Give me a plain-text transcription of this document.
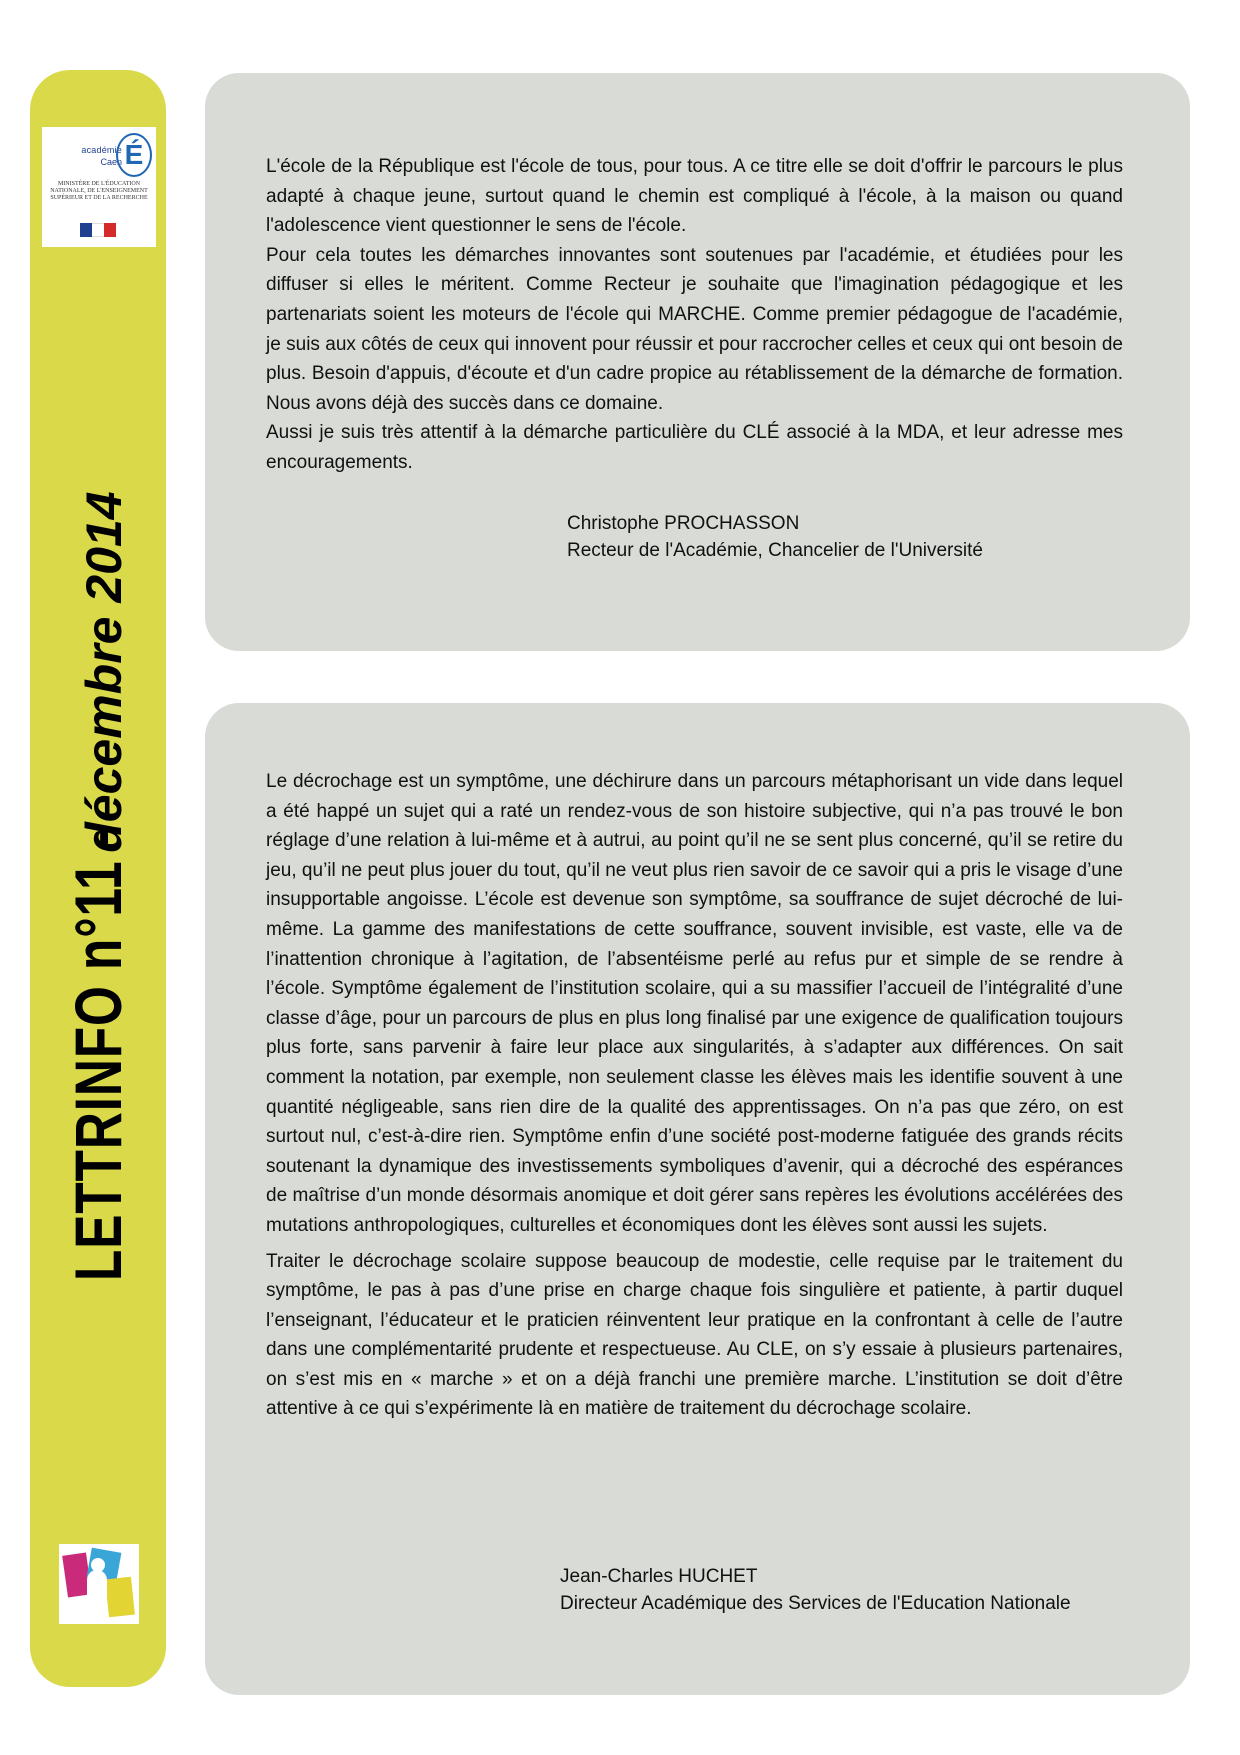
académie
Caen É
MINISTÈRE DE L'ÉDUCATION NATIONALE, DE L'ENSEIGNEMENT SUPÉRIEUR ET DE LA RECHERCHE
LETTRINFO n°11 - décembre 2014

L'école de la République est l'école de tous, pour tous. A ce titre elle se doit d'offrir le parcours le plus adapté à chaque jeune, surtout quand le chemin est compliqué à l'école, à la maison ou quand l'adolescence vient questionner le sens de l'école.

Pour cela toutes les démarches innovantes sont soutenues par l'académie, et étudiées pour les diffuser si elles le méritent. Comme Recteur je souhaite que l'imagination pédagogique et les partenariats soient les moteurs de l'école qui MARCHE. Comme premier pédagogue de l'académie, je suis aux côtés de ceux qui innovent pour réussir et pour raccrocher celles et ceux qui ont besoin de plus. Besoin d'appuis, d'écoute et d'un cadre propice au rétablissement de la démarche de formation. Nous avons déjà des succès dans ce domaine.

Aussi je suis très attentif à la démarche particulière du CLÉ associé à la MDA, et leur adresse mes encouragements.

Christophe PROCHASSON
Recteur de l'Académie, Chancelier de l'Université

Le décrochage est un symptôme, une déchirure dans un parcours métaphorisant un vide dans lequel a été happé un sujet qui a raté un rendez-vous de son histoire subjective, qui n’a pas trouvé le bon réglage d’une relation à lui-même et à autrui, au point qu’il ne se sent plus concerné, qu’il se retire du jeu, qu’il ne peut plus jouer du tout, qu’il ne veut plus rien savoir de ce savoir qui a pris le visage d’une insupportable angoisse. L’école est devenue son symptôme, sa souffrance de sujet décroché de lui-même. La gamme des manifestations de cette souffrance, souvent invisible, est vaste, elle va de l’inattention chronique à l’agitation, de l’absentéisme perlé au refus pur et simple de se rendre à l’école. Symptôme également de l’institution scolaire, qui a su massifier l’accueil de l’intégralité d’une classe d’âge, pour un parcours de plus en plus long finalisé par une exigence de qualification toujours plus forte, sans parvenir à faire leur place aux singularités, à s’adapter aux différences. On sait comment la notation, par exemple, non seulement classe les élèves mais les identifie souvent à une quantité négligeable, sans rien dire de la qualité des apprentissages. On n’a pas que zéro, on est surtout nul, c’est-à-dire rien. Symptôme enfin d’une société post-moderne fatiguée des grands récits soutenant la dynamique des investissements symboliques d’avenir, qui a décroché des espérances de maîtrise d’un monde désormais anomique et doit gérer sans repères les évolutions accélérées des mutations anthropologiques, culturelles et économiques dont les élèves sont aussi les sujets.

Traiter le décrochage scolaire suppose beaucoup de modestie, celle requise par le traitement du symptôme, le pas à pas d’une prise en charge chaque fois singulière et patiente, à partir duquel l’enseignant, l’éducateur et le praticien réinventent leur pratique en la confrontant à celle de l’autre dans une complémentarité prudente et respectueuse. Au CLE, on s’y essaie à plusieurs partenaires, on s’est mis en « marche » et on a déjà franchi une première marche. L’institution se doit d’être attentive à ce qui s’expérimente là en matière de traitement du décrochage scolaire.

Jean-Charles HUCHET
Directeur Académique des Services de l'Education Nationale
